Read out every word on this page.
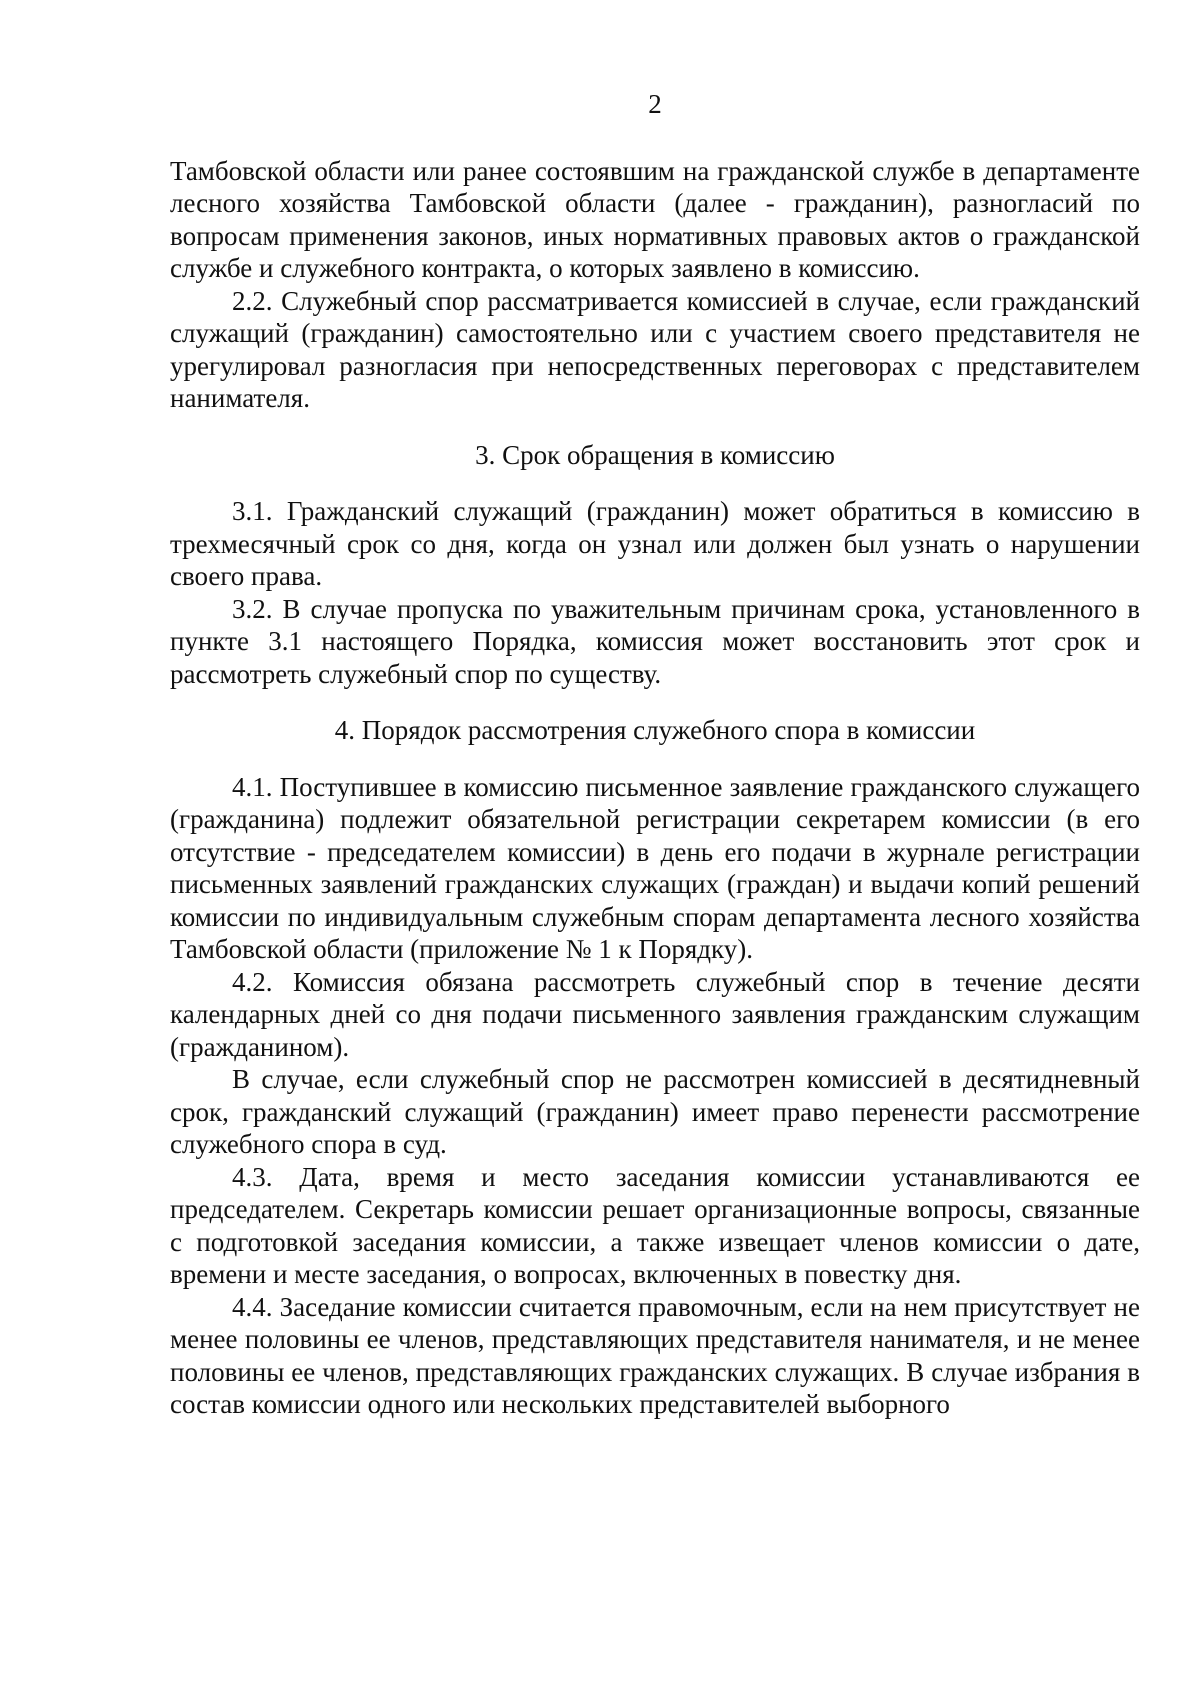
2

Тамбовской области или ранее состоявшим на гражданской службе в департаменте лесного хозяйства Тамбовской области (далее - гражданин), разногласий по вопросам применения законов, иных нормативных правовых актов о гражданской службе и служебного контракта, о которых заявлено в комиссию.

2.2. Служебный спор рассматривается комиссией в случае, если гражданский служащий (гражданин) самостоятельно или с участием своего представителя не урегулировал разногласия при непосредственных переговорах с представителем нанимателя.

3. Срок обращения в комиссию

3.1. Гражданский служащий (гражданин) может обратиться в комиссию в трехмесячный срок со дня, когда он узнал или должен был узнать о нарушении своего права.

3.2. В случае пропуска по уважительным причинам срока, установленного в пункте 3.1 настоящего Порядка, комиссия может восстановить этот срок и рассмотреть служебный спор по существу.

4. Порядок рассмотрения служебного спора в комиссии

4.1. Поступившее в комиссию письменное заявление гражданского служащего (гражданина) подлежит обязательной регистрации секретарем комиссии (в его отсутствие - председателем комиссии) в день его подачи в журнале регистрации письменных заявлений гражданских служащих (граждан) и выдачи копий решений комиссии по индивидуальным служебным спорам департамента лесного хозяйства Тамбовской области (приложение № 1 к Порядку).

4.2. Комиссия обязана рассмотреть служебный спор в течение десяти календарных дней со дня подачи письменного заявления гражданским служащим (гражданином).

В случае, если служебный спор не рассмотрен комиссией в десятидневный срок, гражданский служащий (гражданин) имеет право перенести рассмотрение служебного спора в суд.

4.3. Дата, время и место заседания комиссии устанавливаются ее председателем. Секретарь комиссии решает организационные вопросы, связанные с подготовкой заседания комиссии, а также извещает членов комиссии о дате, времени и месте заседания, о вопросах, включенных в повестку дня.

4.4. Заседание комиссии считается правомочным, если на нем присутствует не менее половины ее членов, представляющих представителя нанимателя, и не менее половины ее членов, представляющих гражданских служащих. В случае избрания в состав комиссии одного или нескольких представителей выборного
